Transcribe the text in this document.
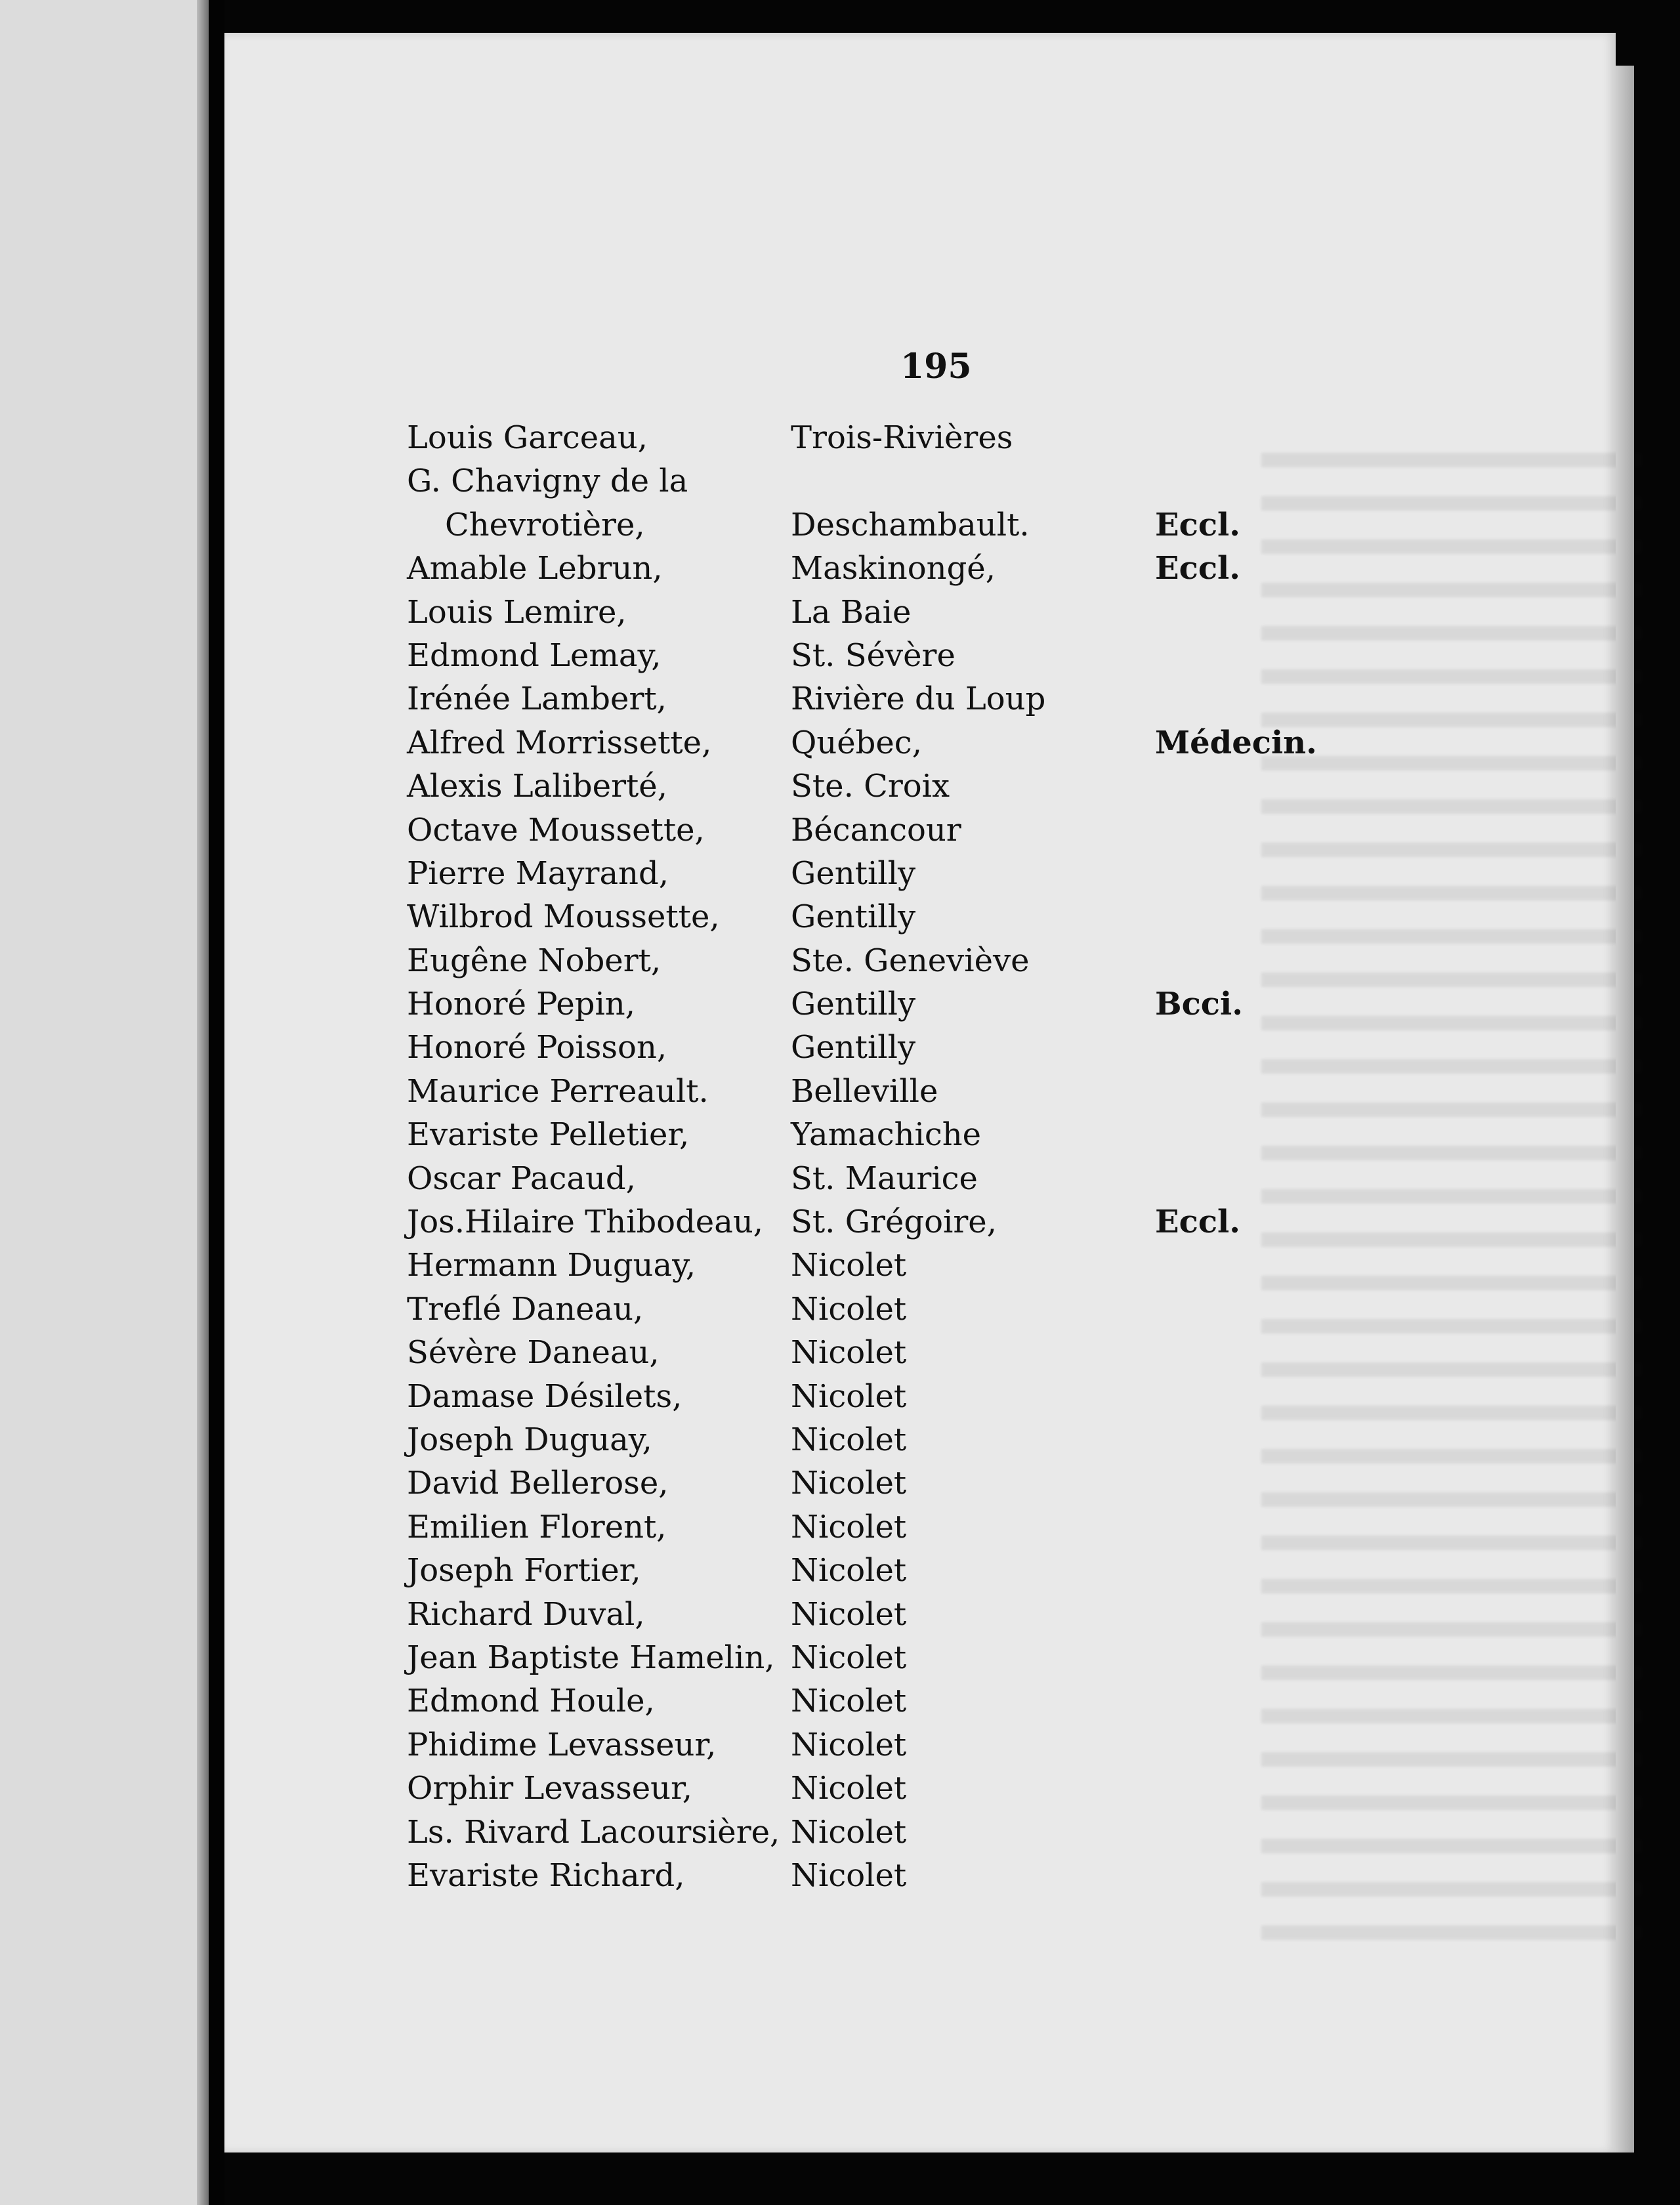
195
Louis Garceau,	Trois-Rivières
G. Chavigny de la
Chevrotière,	Deschambault.	Eccl.
Amable Lebrun,	Maskinongé,	Eccl.
Louis Lemire,	La Baie
Edmond Lemay,	St. Sévère
Irénée Lambert,	Rivière du Loup
Alfred Morrissette,	Québec,	Médecin.
Alexis Laliberté,	Ste. Croix
Octave Moussette,	Bécancour
Pierre Mayrand,	Gentilly
Wilbrod Moussette, Gentilly
Eugêne Nobert,	Ste. Geneviève
Honoré Pepin,	Gentilly	Bcci.
Honoré Poisson,	Gentilly
Maurice Perreault.	Belleville
Evariste Pelletier,	Yamachiche
Oscar Pacaud,	St. Maurice
Jos.Hilaire Thibodeau, St. Grégoire,	Eccl.
Hermann Duguay,	Nicolet
Treflé Daneau,	Nicolet
Sévère Daneau,	Nicolet
Damase Désilets,	Nicolet
Joseph Duguay,	Nicolet
David Bellerose,	Nicolet
Emilien Florent,	Nicolet
Joseph Fortier,	Nicolet
Richard Duval,	Nicolet
Jean Baptiste Hamelin, Nicolet
Edmond Houle,	Nicolet
Phidime Levasseur, Nicolet
Orphir Levasseur,	Nicolet
Ls. Rivard Lacoursière, Nicolet
Evariste Richard,	Nicolet
